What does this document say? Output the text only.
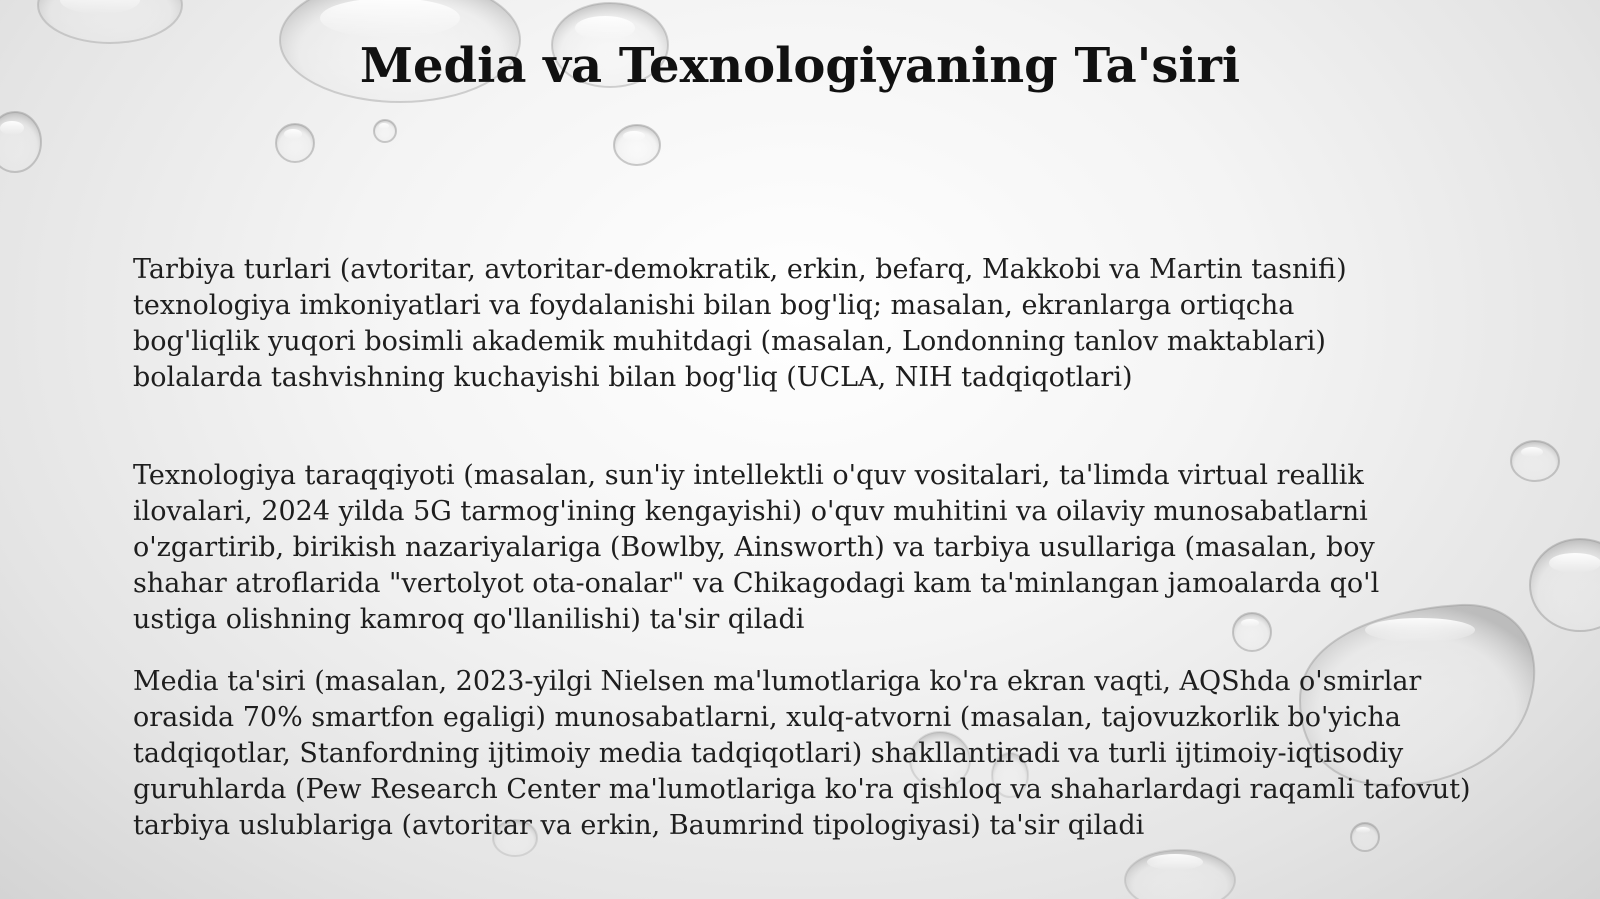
Media va Texnologiyaning Ta'siri

Tarbiya turlari (avtoritar, avtoritar-demokratik, erkin, befarq, Makkobi va Martin tasnifi)
texnologiya imkoniyatlari va foydalanishi bilan bog'liq; masalan, ekranlarga ortiqcha
bog'liqlik yuqori bosimli akademik muhitdagi (masalan, Londonning tanlov maktablari)
bolalarda tashvishning kuchayishi bilan bog'liq (UCLA, NIH tadqiqotlari)

Texnologiya taraqqiyoti (masalan, sun'iy intellektli o'quv vositalari, ta'limda virtual reallik
ilovalari, 2024 yilda 5G tarmog'ining kengayishi) o'quv muhitini va oilaviy munosabatlarni
o'zgartirib, birikish nazariyalariga (Bowlby, Ainsworth) va tarbiya usullariga (masalan, boy
shahar atroflarida "vertolyot ota-onalar" va Chikagodagi kam ta'minlangan jamoalarda qo'l
ustiga olishning kamroq qo'llanilishi) ta'sir qiladi

Media ta'siri (masalan, 2023-yilgi Nielsen ma'lumotlariga ko'ra ekran vaqti, AQShda o'smirlar
orasida 70% smartfon egaligi) munosabatlarni, xulq-atvorni (masalan, tajovuzkorlik bo'yicha
tadqiqotlar, Stanfordning ijtimoiy media tadqiqotlari) shakllantiradi va turli ijtimoiy-iqtisodiy
guruhlarda (Pew Research Center ma'lumotlariga ko'ra qishloq va shaharlardagi raqamli tafovut)
tarbiya uslublariga (avtoritar va erkin, Baumrind tipologiyasi) ta'sir qiladi
